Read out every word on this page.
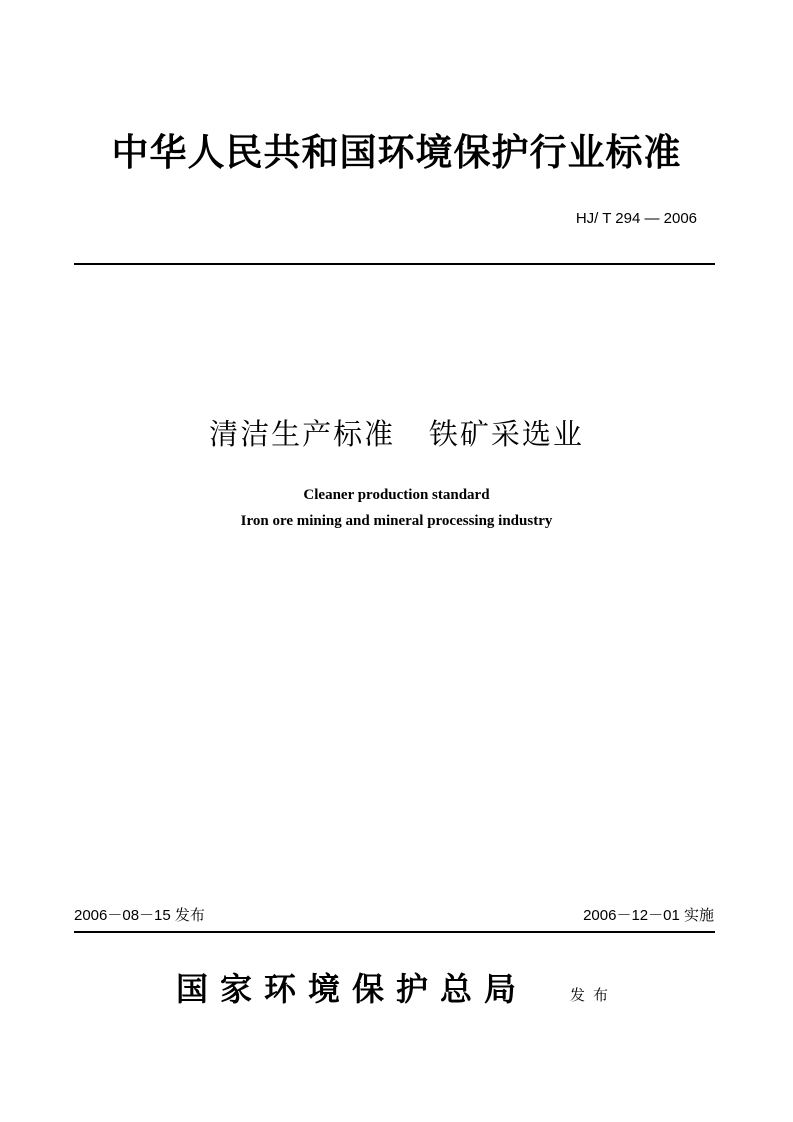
中华人民共和国环境保护行业标准
HJ/ T 294 — 2006
清洁生产标准   铁矿采选业
Cleaner production standard
Iron ore mining and mineral processing industry
2006－08－15 发布	2006－12－01 实施
国家环境保护总局	发布
